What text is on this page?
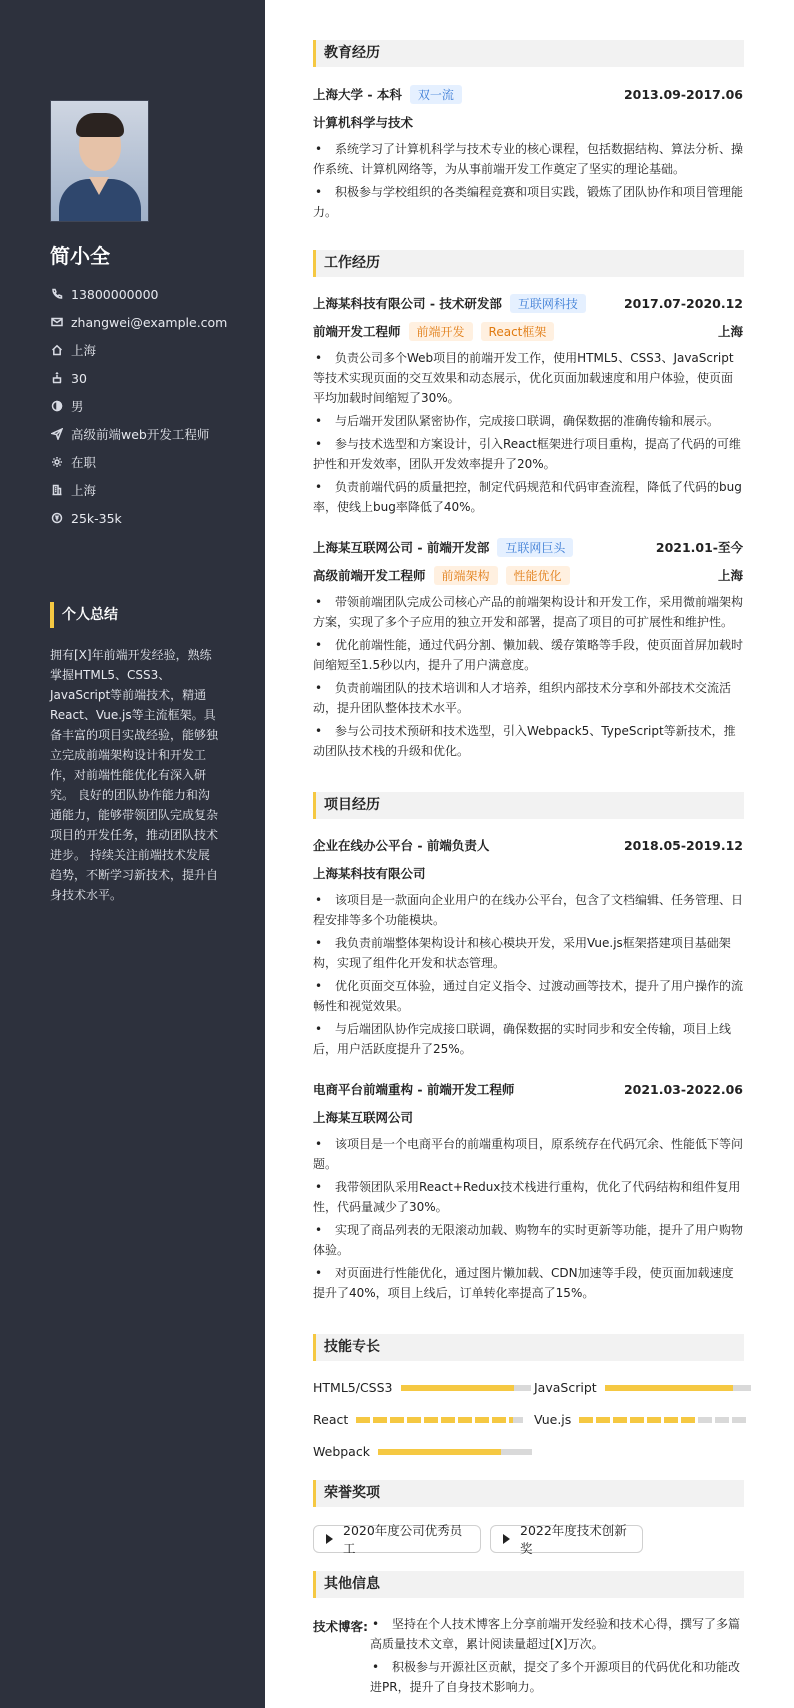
简小全
13800000000
zhangwei@example.com
上海
30
男
高级前端web开发工程师
在职
上海
25k-35k
个人总结
拥有[X]年前端开发经验，熟练掌握HTML5、CSS3、JavaScript等前端技术，精通React、Vue.js等主流框架。具备丰富的项目实战经验，能够独立完成前端架构设计和开发工作，对前端性能优化有深入研究。 良好的团队协作能力和沟通能力，能够带领团队完成复杂项目的开发任务，推动团队技术进步。 持续关注前端技术发展趋势，不断学习新技术，提升自身技术水平。
教育经历
上海大学 - 本科	双一流	2013.09-2017.06
计算机科学与技术
• 系统学习了计算机科学与技术专业的核心课程，包括数据结构、算法分析、操作系统、计算机网络等，为从事前端开发工作奠定了坚实的理论基础。
• 积极参与学校组织的各类编程竞赛和项目实践，锻炼了团队协作和项目管理能力。
工作经历
上海某科技有限公司 - 技术研发部	互联网科技	2017.07-2020.12
前端开发工程师	前端开发	React框架	上海
• 负责公司多个Web项目的前端开发工作，使用HTML5、CSS3、JavaScript等技术实现页面的交互效果和动态展示，优化页面加载速度和用户体验，使页面平均加载时间缩短了30%。
• 与后端开发团队紧密协作，完成接口联调，确保数据的准确传输和展示。
• 参与技术选型和方案设计，引入React框架进行项目重构，提高了代码的可维护性和开发效率，团队开发效率提升了20%。
• 负责前端代码的质量把控，制定代码规范和代码审查流程，降低了代码的bug率，使线上bug率降低了40%。
上海某互联网公司 - 前端开发部	互联网巨头	2021.01-至今
高级前端开发工程师	前端架构	性能优化	上海
• 带领前端团队完成公司核心产品的前端架构设计和开发工作，采用微前端架构方案，实现了多个子应用的独立开发和部署，提高了项目的可扩展性和维护性。
• 优化前端性能，通过代码分割、懒加载、缓存策略等手段，使页面首屏加载时间缩短至1.5秒以内，提升了用户满意度。
• 负责前端团队的技术培训和人才培养，组织内部技术分享和外部技术交流活动，提升团队整体技术水平。
• 参与公司技术预研和技术选型，引入Webpack5、TypeScript等新技术，推动团队技术栈的升级和优化。
项目经历
企业在线办公平台 - 前端负责人	2018.05-2019.12
上海某科技有限公司
• 该项目是一款面向企业用户的在线办公平台，包含了文档编辑、任务管理、日程安排等多个功能模块。
• 我负责前端整体架构设计和核心模块开发，采用Vue.js框架搭建项目基础架构，实现了组件化开发和状态管理。
• 优化页面交互体验，通过自定义指令、过渡动画等技术，提升了用户操作的流畅性和视觉效果。
• 与后端团队协作完成接口联调，确保数据的实时同步和安全传输，项目上线后，用户活跃度提升了25%。
电商平台前端重构 - 前端开发工程师	2021.03-2022.06
上海某互联网公司
• 该项目是一个电商平台的前端重构项目，原系统存在代码冗余、性能低下等问题。
• 我带领团队采用React+Redux技术栈进行重构，优化了代码结构和组件复用性，代码量减少了30%。
• 实现了商品列表的无限滚动加载、购物车的实时更新等功能，提升了用户购物体验。
• 对页面进行性能优化，通过图片懒加载、CDN加速等手段，使页面加载速度提升了40%，项目上线后，订单转化率提高了15%。
技能专长
HTML5/CSS3	JavaScript
React	Vue.js
Webpack
荣誉奖项
2020年度公司优秀员工
2022年度技术创新奖
其他信息
技术博客: • 坚持在个人技术博客上分享前端开发经验和技术心得，撰写了多篇高质量技术文章，累计阅读量超过[X]万次。
• 积极参与开源社区贡献，提交了多个开源项目的代码优化和功能改进PR，提升了自身技术影响力。
